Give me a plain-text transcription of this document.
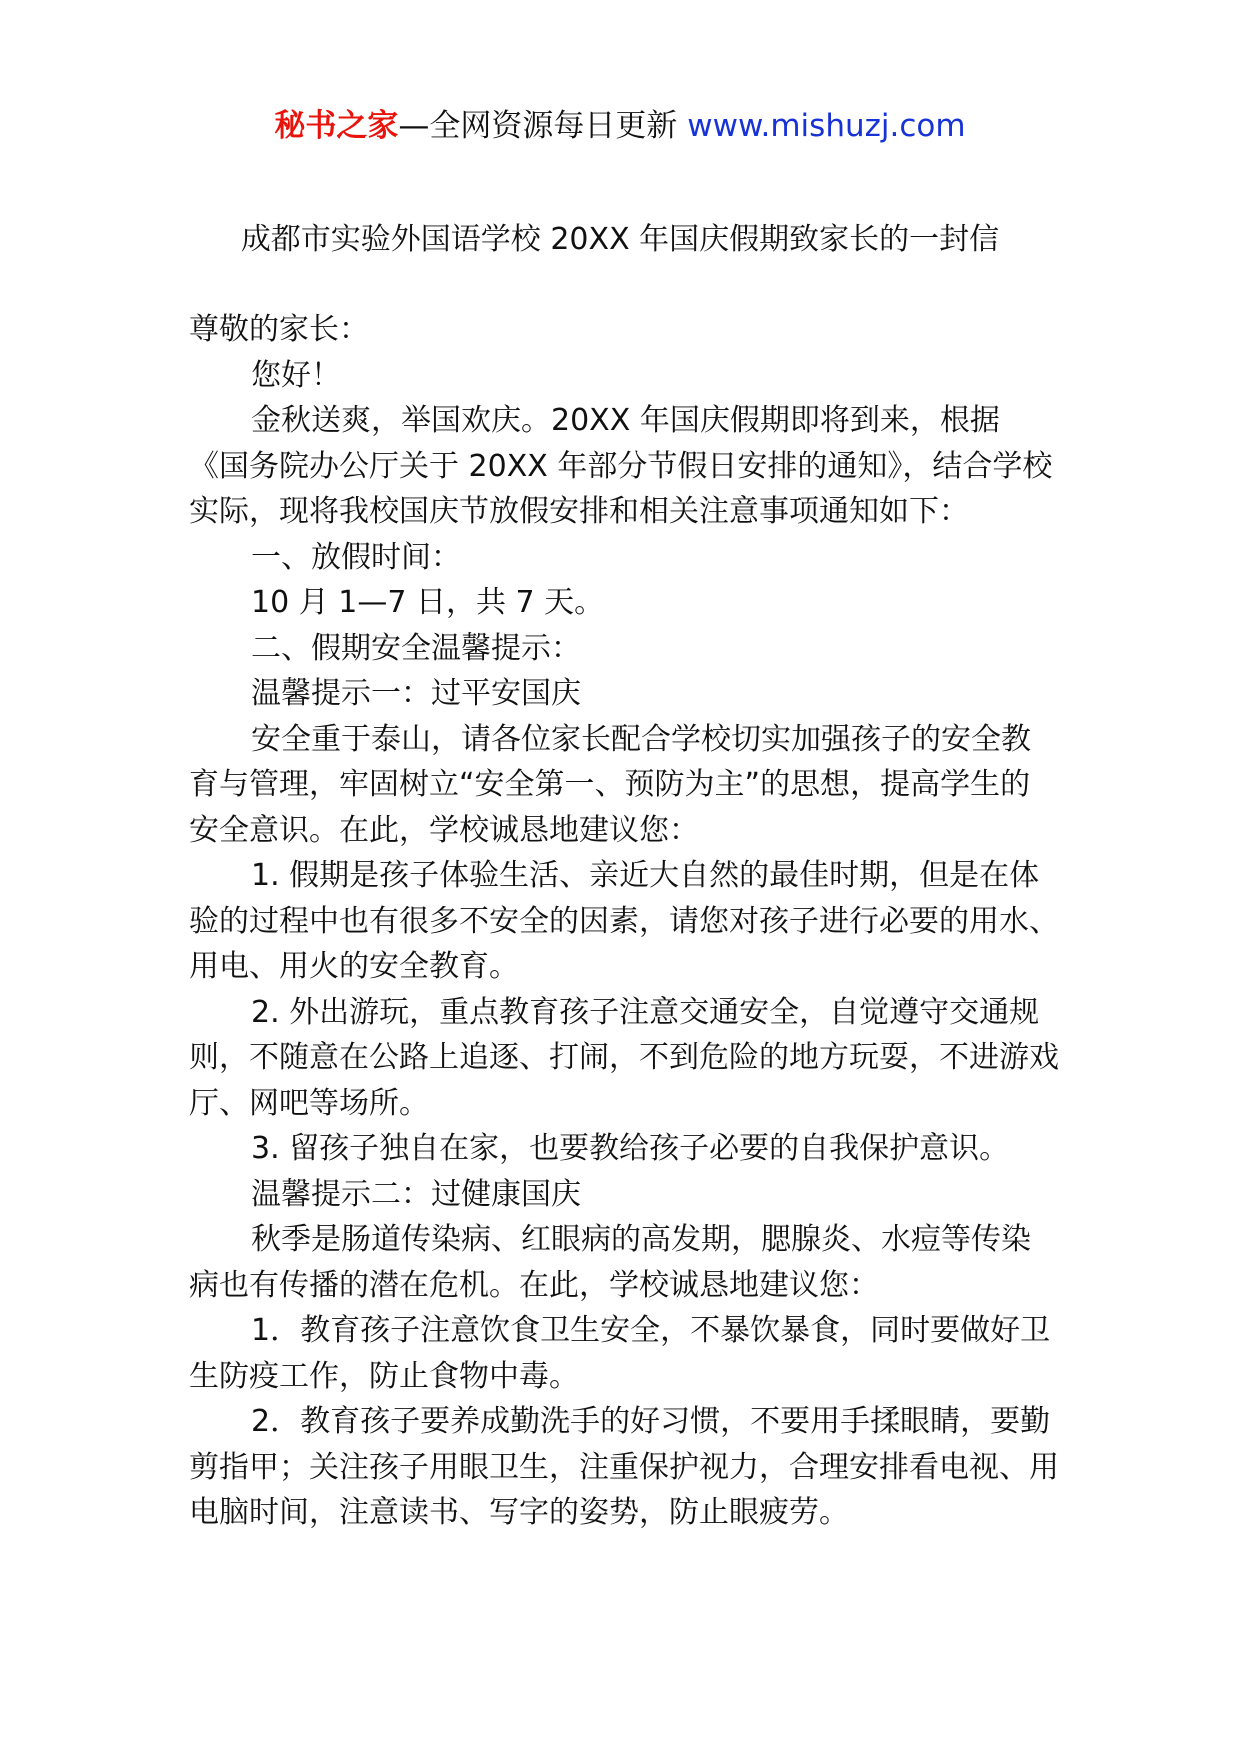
秘书之家—全网资源每日更新 www.mishuzj.com
成都市实验外国语学校 20XX 年国庆假期致家长的一封信

尊敬的家长：

您好！

金秋送爽，举国欢庆。20XX 年国庆假期即将到来，根据《国务院办公厅关于 20XX 年部分节假日安排的通知》，结合学校实际，现将我校国庆节放假安排和相关注意事项通知如下：

一、放假时间：

10 月 1—7 日，共 7 天。

二、假期安全温馨提示：

温馨提示一：过平安国庆

安全重于泰山，请各位家长配合学校切实加强孩子的安全教育与管理，牢固树立“安全第一、预防为主”的思想，提高学生的安全意识。在此，学校诚恳地建议您：

1. 假期是孩子体验生活、亲近大自然的最佳时期，但是在体验的过程中也有很多不安全的因素，请您对孩子进行必要的用水、用电、用火的安全教育。

2. 外出游玩，重点教育孩子注意交通安全，自觉遵守交通规则，不随意在公路上追逐、打闹，不到危险的地方玩耍，不进游戏厅、网吧等场所。

3. 留孩子独自在家，也要教给孩子必要的自我保护意识。

温馨提示二：过健康国庆

秋季是肠道传染病、红眼病的高发期，腮腺炎、水痘等传染病也有传播的潜在危机。在此，学校诚恳地建议您：

1．教育孩子注意饮食卫生安全，不暴饮暴食，同时要做好卫生防疫工作，防止食物中毒。

2．教育孩子要养成勤洗手的好习惯，不要用手揉眼睛，要勤剪指甲；关注孩子用眼卫生，注重保护视力，合理安排看电视、用电脑时间，注意读书、写字的姿势，防止眼疲劳。
